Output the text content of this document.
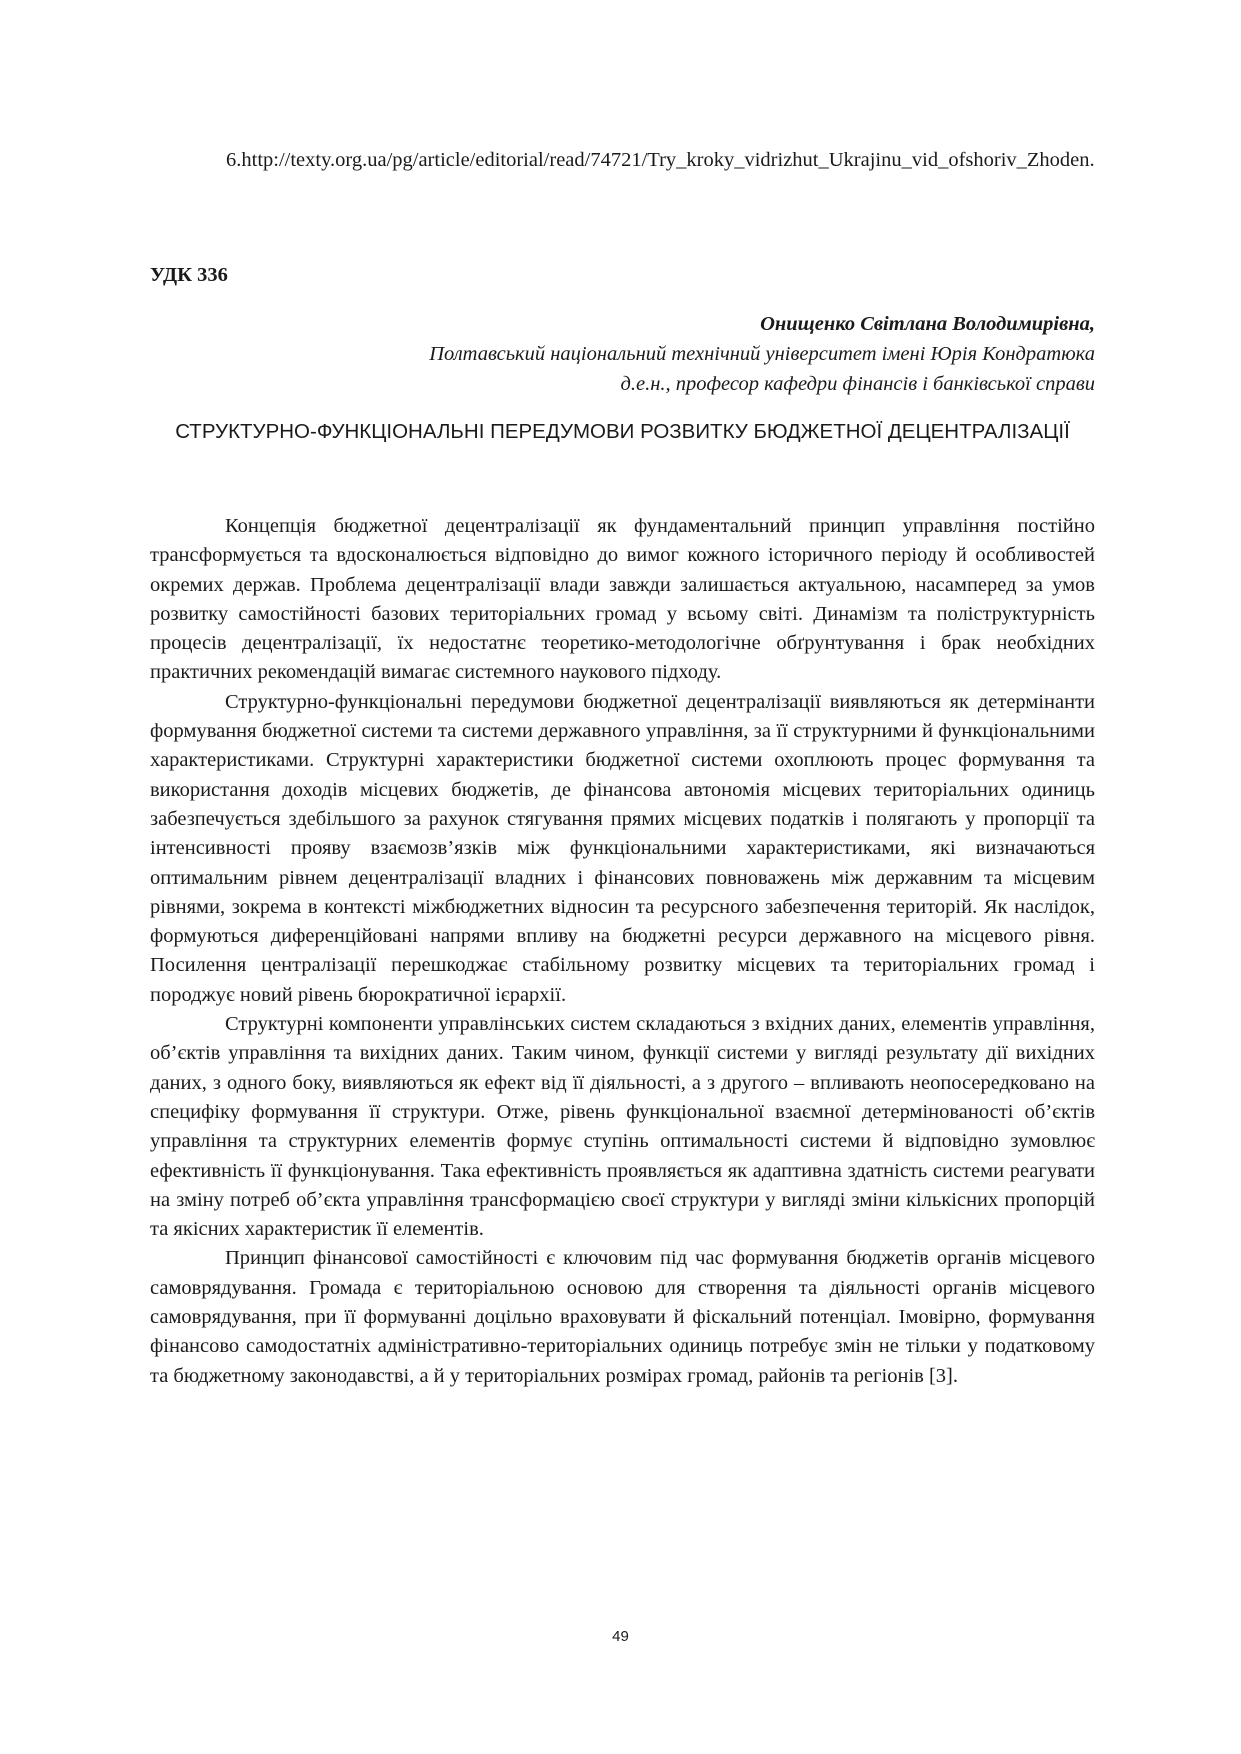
6.http://texty.org.ua/pg/article/editorial/read/74721/Try_kroky_vidrizhut_Ukrajinu_vid_ofshoriv_Zhoden.
УДК 336
Онищенко Світлана Володимирівна,
Полтавський національний технічний університет імені Юрія Кондратюка
д.е.н., професор кафедри фінансів і банківської справи
СТРУКТУРНО-ФУНКЦІОНАЛЬНІ ПЕРЕДУМОВИ РОЗВИТКУ БЮДЖЕТНОЇ ДЕЦЕНТРАЛІЗАЦІЇ

Концепція бюджетної децентралізації як фундаментальний принцип управління постійно трансформується та вдосконалюється відповідно до вимог кожного історичного періоду й особливостей окремих держав. Проблема децентралізації влади завжди залишається актуальною, насамперед за умов розвитку самостійності базових територіальних громад у всьому світі. Динамізм та поліструктурність процесів децентралізації, їх недостатнє теоретико-методологічне обґрунтування і брак необхідних практичних рекомендацій вимагає системного наукового підходу.

Структурно-функціональні передумови бюджетної децентралізації виявляються як детермінанти формування бюджетної системи та системи державного управління, за її структурними й функціональними характеристиками. Структурні характеристики бюджетної системи охоплюють процес формування та використання доходів місцевих бюджетів, де фінансова автономія місцевих територіальних одиниць забезпечується здебільшого за рахунок стягування прямих місцевих податків і полягають у пропорції та інтенсивності прояву взаємозв’язків між функціональними характеристиками, які визначаються оптимальним рівнем децентралізації владних і фінансових повноважень між державним та місцевим рівнями, зокрема в контексті міжбюджетних відносин та ресурсного забезпечення територій. Як наслідок, формуються диференційовані напрями впливу на бюджетні ресурси державного на місцевого рівня. Посилення централізації перешкоджає стабільному розвитку місцевих та територіальних громад і породжує новий рівень бюрократичної ієрархії.

Структурні компоненти управлінських систем складаються з вхідних даних, елементів управління, об’єктів управління та вихідних даних. Таким чином, функції системи у вигляді результату дії вихідних даних, з одного боку, виявляються як ефект від її діяльності, а з другого – впливають неопосередковано на специфіку формування її структури. Отже, рівень функціональної взаємної детермінованості об’єктів управління та структурних елементів формує ступінь оптимальності системи й відповідно зумовлює ефективність її функціонування. Така ефективність проявляється як адаптивна здатність системи реагувати на зміну потреб об’єкта управління трансформацією своєї структури у вигляді зміни кількісних пропорцій та якісних характеристик її елементів.

Принцип фінансової самостійності є ключовим під час формування бюджетів органів місцевого самоврядування. Громада є територіальною основою для створення та діяльності органів місцевого самоврядування, при її формуванні доцільно враховувати й фіскальний потенціал. Імовірно, формування фінансово самодостатніх адміністративно-територіальних одиниць потребує змін не тільки у податковому та бюджетному законодавстві, а й у територіальних розмірах громад, районів та регіонів [3].

49
